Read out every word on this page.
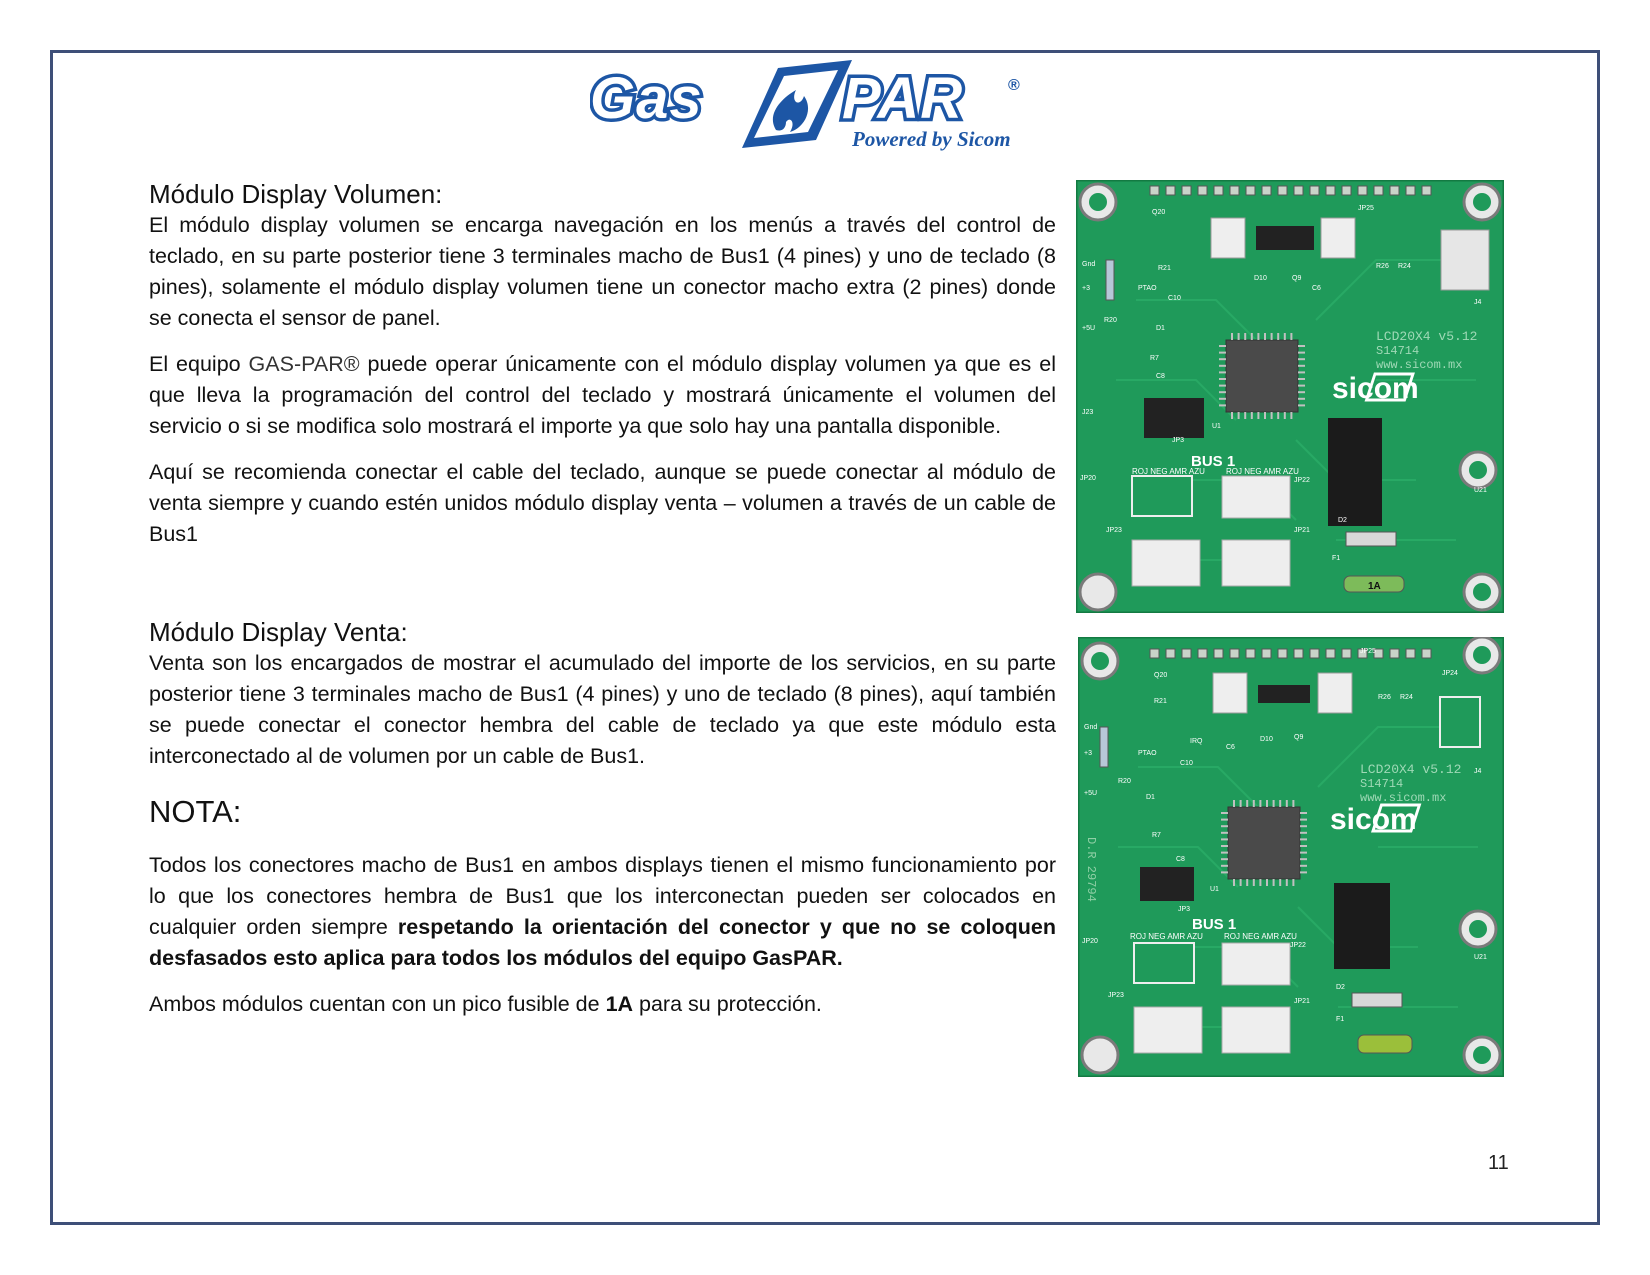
Gas PAR	®
Powered by Sicom
Módulo Display Volumen:

El módulo display volumen se encarga navegación en los menús a través del control de teclado, en su parte posterior tiene 3 terminales macho de Bus1 (4 pines) y uno de teclado (8 pines), solamente el módulo display volumen tiene un conector macho extra (2 pines) donde se conecta el sensor de panel.

El equipo GAS-PAR® puede operar únicamente con el módulo display volumen ya que es el que lleva la programación del control del teclado y mostrará únicamente el volumen del servicio o si se modifica solo mostrará el importe ya que solo hay una pantalla disponible.

Aquí se recomienda conectar el cable del teclado, aunque se puede conectar al módulo de venta siempre y cuando estén unidos módulo display venta – volumen a través de un cable de Bus1

Módulo Display Venta:

Venta son los encargados de mostrar el acumulado del importe de los servicios, en su parte posterior tiene 3 terminales macho de Bus1 (4 pines) y uno de teclado (8 pines), aquí también se puede conectar el conector hembra del cable de teclado ya que este módulo esta interconectado al de volumen por un cable de Bus1.

NOTA:

Todos los conectores macho de Bus1 en ambos displays tienen el mismo funcionamiento por lo que los conectores hembra de Bus1 que los interconectan pueden ser colocados en cualquier orden siempre respetando la orientación del conector y que no se coloquen desfasados esto aplica para todos los módulos del equipo GasPAR.

Ambos módulos cuentan con un pico fusible de 1A para su protección.

LCD20X4 v5.12
S14714
www.sicom.mx
sicom
BUS 1
ROJ NEG AMR AZU	ROJ NEG AMR AZU
1A
JP25
R26 R24
Q20
R21
Gnd
+3
+5U
R20
PTAO
C10
D10	Q9
C6
D1
R7
C8
J23
JP3
U1
JP20	JP22
JP23	JP21
D2
F1
U21
J4
LCD20X4 v5.12
S14714
www.sicom.mx
sicom
BUS 1
ROJ NEG AMR AZU	ROJ NEG AMR AZU
D.R 29794
JP25
R26 R24
JP24
Q20
R21
Gnd
+3
+5U
R20
PTAO
IRQ
C10
D10	Q9
C6
D1
R7
C8
JP3
U1
JP20
JP22
JP23
JP21
D2
F1
U21
J4
11
